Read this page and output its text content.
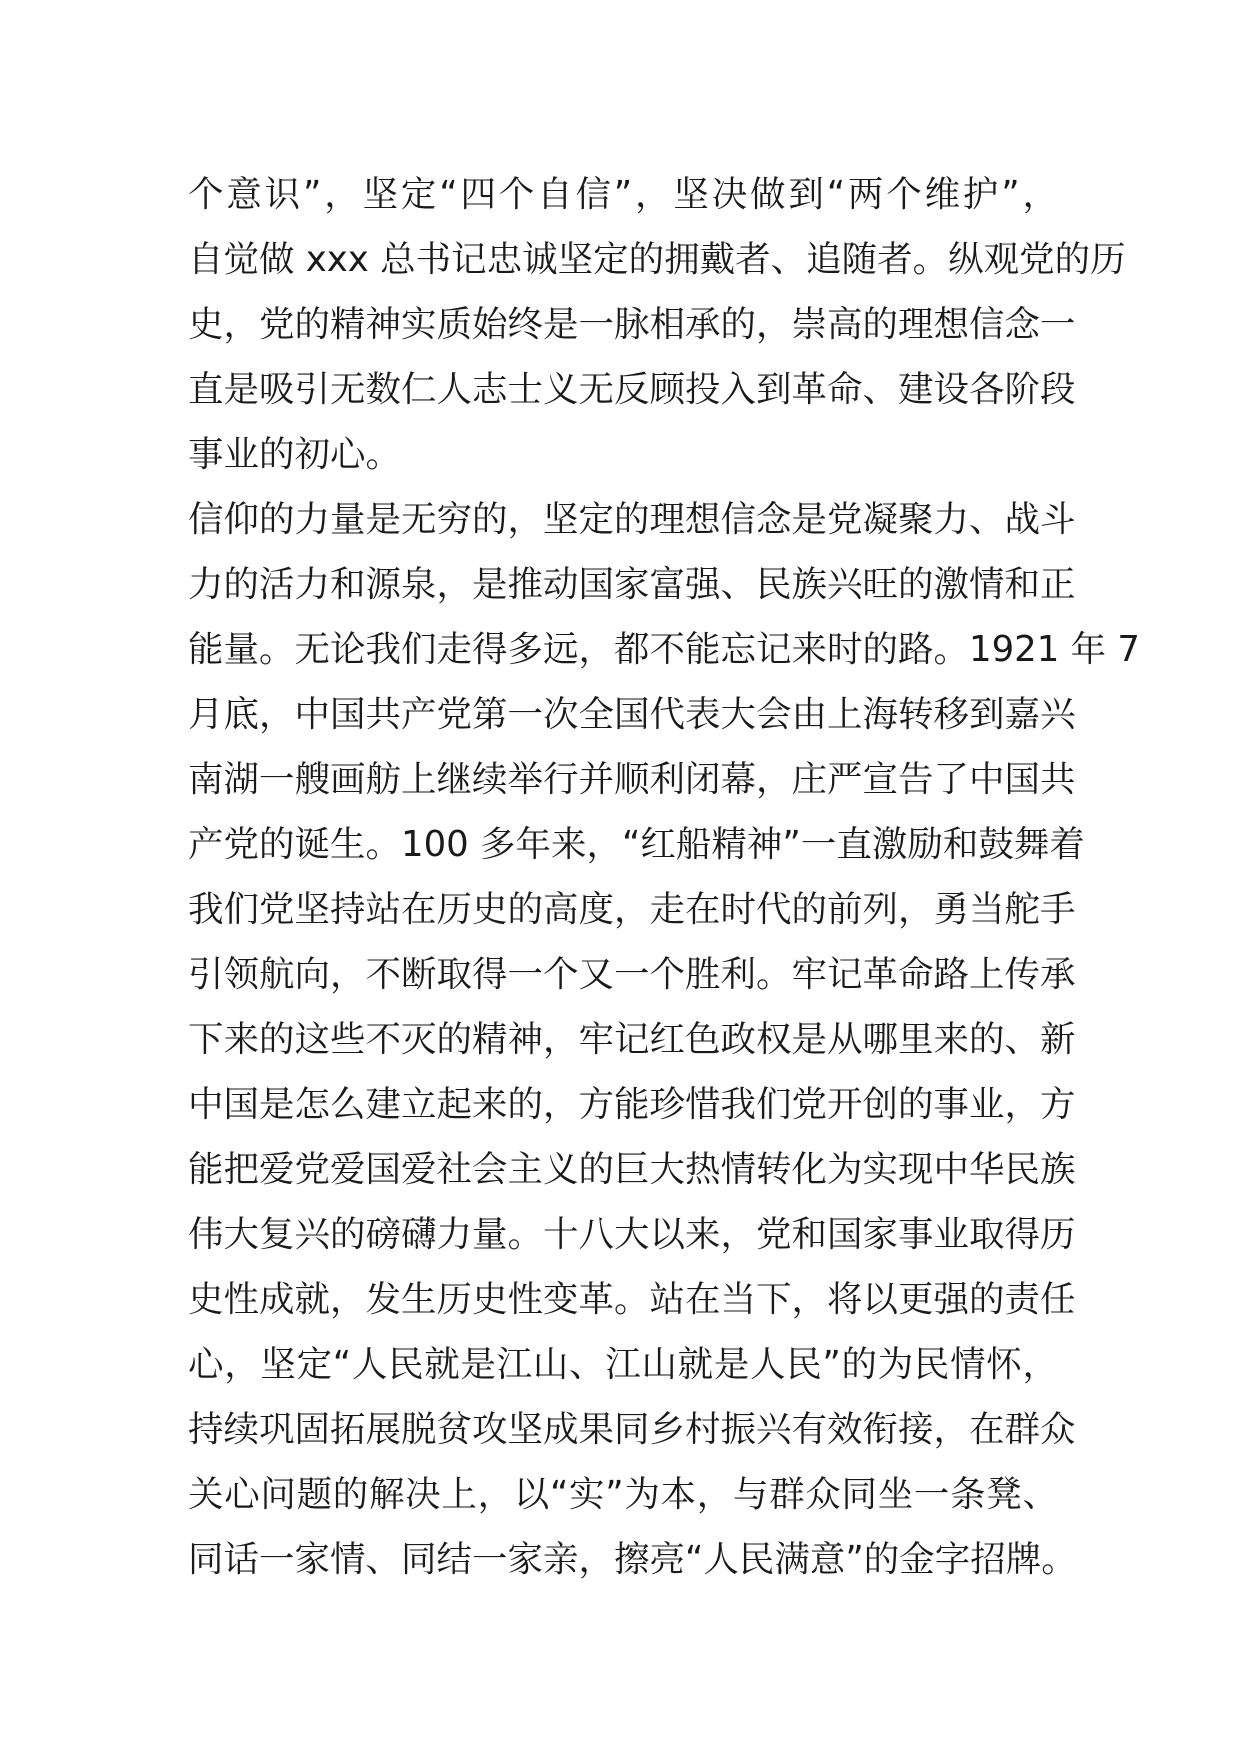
个意识”，坚定“四个自信”，坚决做到“两个维护”，
自觉做 xxx 总书记忠诚坚定的拥戴者、追随者。纵观党的历
史，党的精神实质始终是一脉相承的，崇高的理想信念一
直是吸引无数仁人志士义无反顾投入到革命、建设各阶段
事业的初心。
信仰的力量是无穷的，坚定的理想信念是党凝聚力、战斗
力的活力和源泉，是推动国家富强、民族兴旺的激情和正
能量。无论我们走得多远，都不能忘记来时的路。1921 年 7
月底，中国共产党第一次全国代表大会由上海转移到嘉兴
南湖一艘画舫上继续举行并顺利闭幕，庄严宣告了中国共
产党的诞生。100 多年来，“红船精神”一直激励和鼓舞着
我们党坚持站在历史的高度，走在时代的前列，勇当舵手
引领航向，不断取得一个又一个胜利。牢记革命路上传承
下来的这些不灭的精神，牢记红色政权是从哪里来的、新
中国是怎么建立起来的，方能珍惜我们党开创的事业，方
能把爱党爱国爱社会主义的巨大热情转化为实现中华民族
伟大复兴的磅礴力量。十八大以来，党和国家事业取得历
史性成就，发生历史性变革。站在当下，将以更强的责任
心，坚定“人民就是江山、江山就是人民”的为民情怀，
持续巩固拓展脱贫攻坚成果同乡村振兴有效衔接，在群众
关心问题的解决上，以“实”为本，与群众同坐一条凳、
同话一家情、同结一家亲，擦亮“人民满意”的金字招牌。
